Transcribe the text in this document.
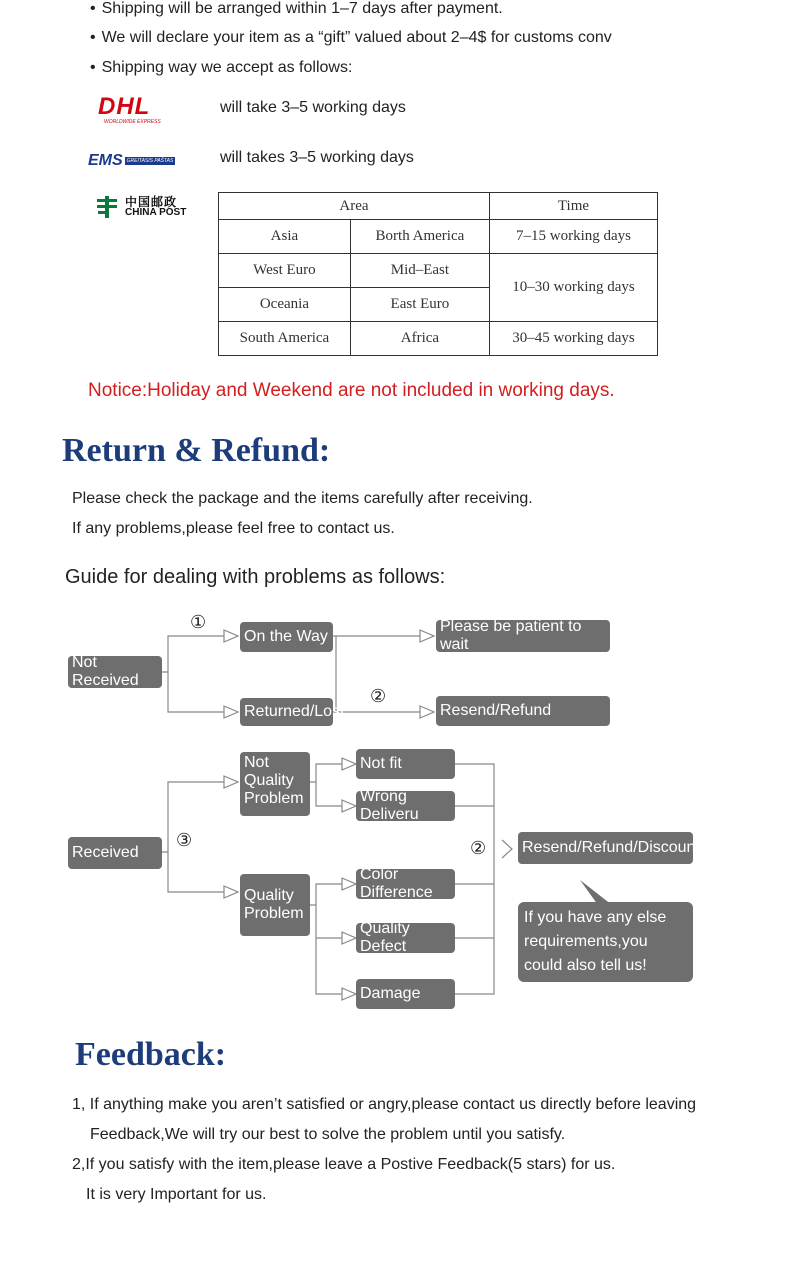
• Shipping will be arranged within 1–7 days after payment.
• We will declare your item as a “gift” valued about 2–4$ for customs conv
• Shipping way we accept as follows:
DHL
WORLDWIDE EXPRESS
will take 3–5 working days
EMS GREITASIS PAŠTAS	will takes 3–5 working days
中国邮政
CHINA POST	Area		Time
Asia	Borth America	7–15 working days
West Euro	Mid–East	10–30 working days
Oceania	East Euro	
South America	Africa	30–45 working days
Notice:Holiday and Weekend are not included in working days.
Return & Refund:
Please check the package and the items carefully after receiving.
If any problems,please feel free to contact us.
Guide for dealing with problems as follows:
Not Received
①
On the Way
Returned/Lost
②
Please be patient to wait
Resend/Refund
Received
③
Not Quality Problem
Quality Problem
Not fit
Wrong Deliveru
Color Difference
Quality Defect
Damage
② Resend/Refund/Discount
If you have any else requirements,you could also tell us!
Feedback:
1, If anything make you aren’t satisfied or angry,please contact us directly before leaving
Feedback,We will try our best to solve the problem until you satisfy.
2,If you satisfy with the item,please leave a Postive Feedback(5 stars) for us.
It is very Important for us.
